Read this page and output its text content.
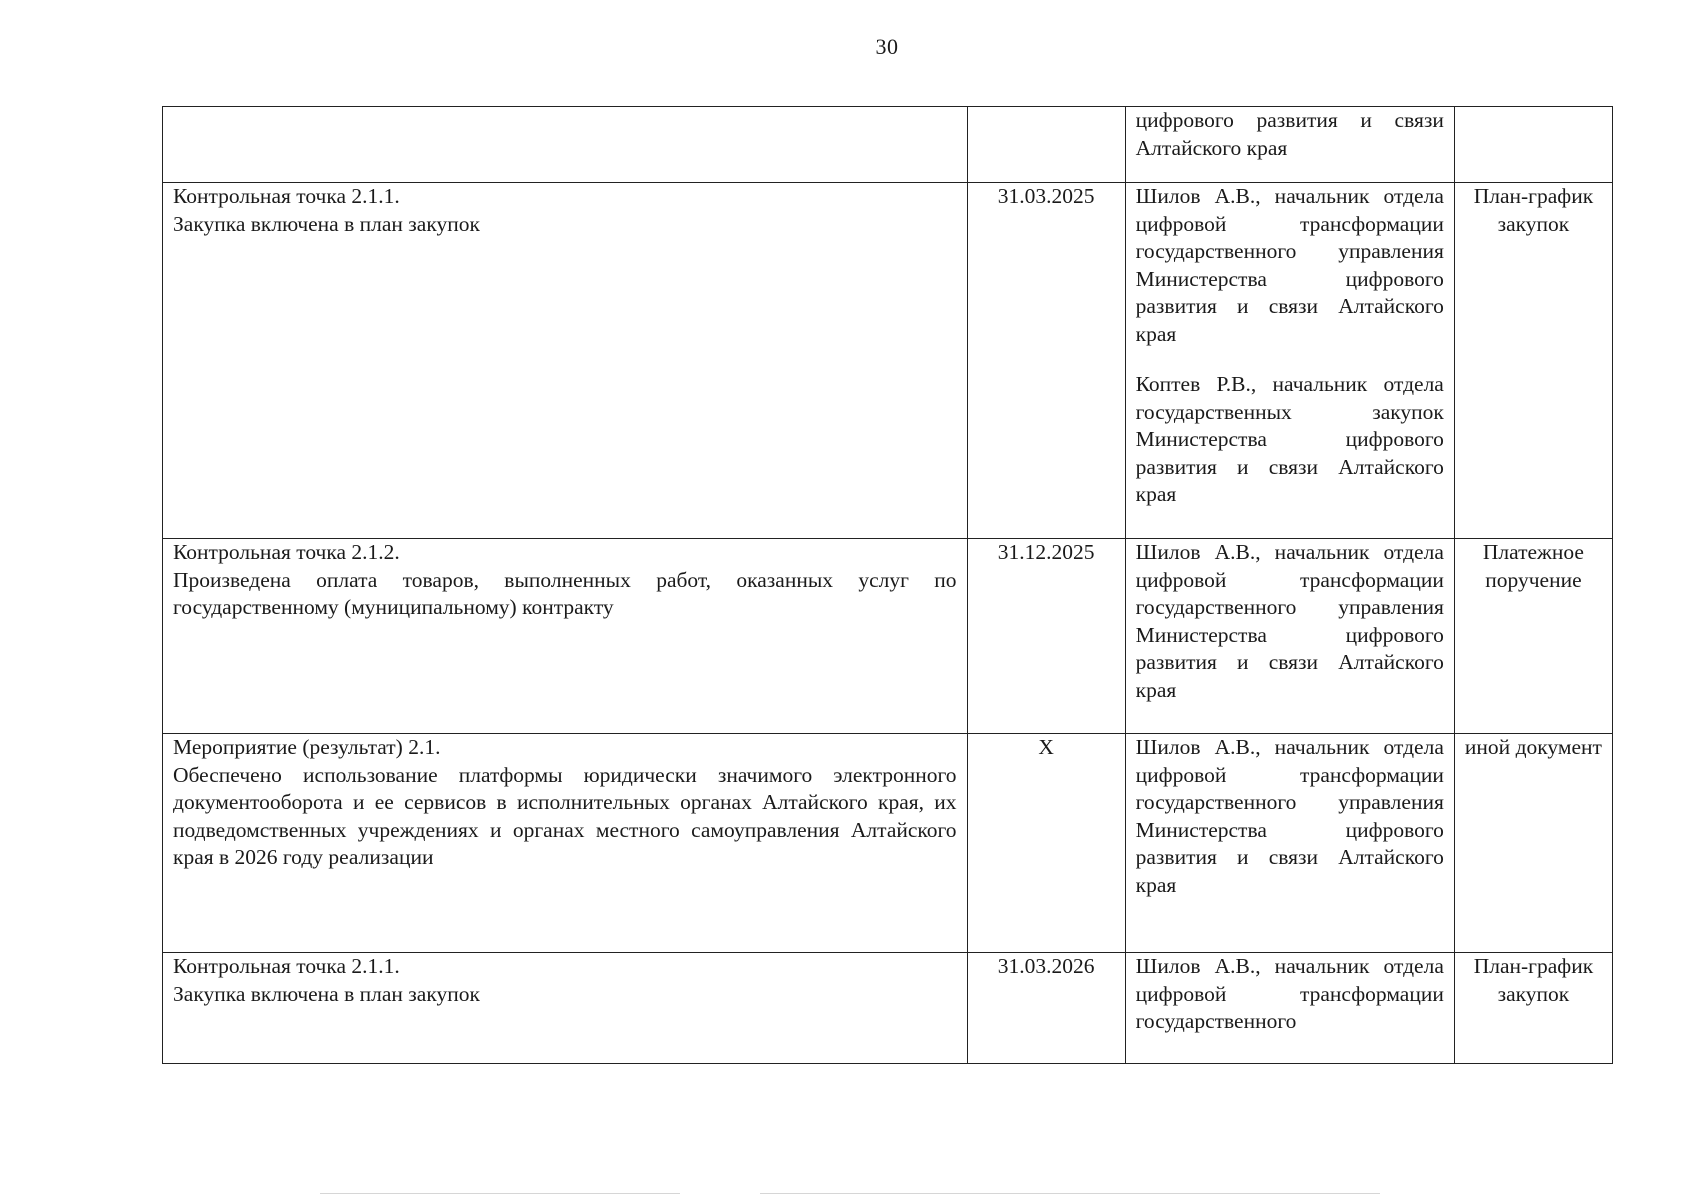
30

		цифрового развития и связи Алтайского края	

Контрольная точка 2.1.1.
Закупка включена в план закупок	31.03.2025	Шилов А.В., начальник отдела цифровой трансформации государственного управления Министерства цифрового развития и связи Алтайского края
Коптев Р.В., начальник отдела государственных закупок Министерства цифрового развития и связи Алтайского края	План-график закупок

Контрольная точка 2.1.2.
Произведена оплата товаров, выполненных работ, оказанных услуг по государственному (муниципальному) контракту	31.12.2025	Шилов А.В., начальник отдела цифровой трансформации государственного управления Министерства цифрового развития и связи Алтайского края	Платежное поручение

Мероприятие (результат) 2.1.
Обеспечено использование платформы юридически значимого электронного документооборота и ее сервисов в исполнительных органах Алтайского края, их подведомственных учреждениях и органах местного самоуправления Алтайского края в 2026 году реализации	X	Шилов А.В., начальник отдела цифровой трансформации государственного управления Министерства цифрового развития и связи Алтайского края	иной документ

Контрольная точка 2.1.1.
Закупка включена в план закупок	31.03.2026	Шилов А.В., начальник отдела цифровой трансформации государственного	План-график закупок
